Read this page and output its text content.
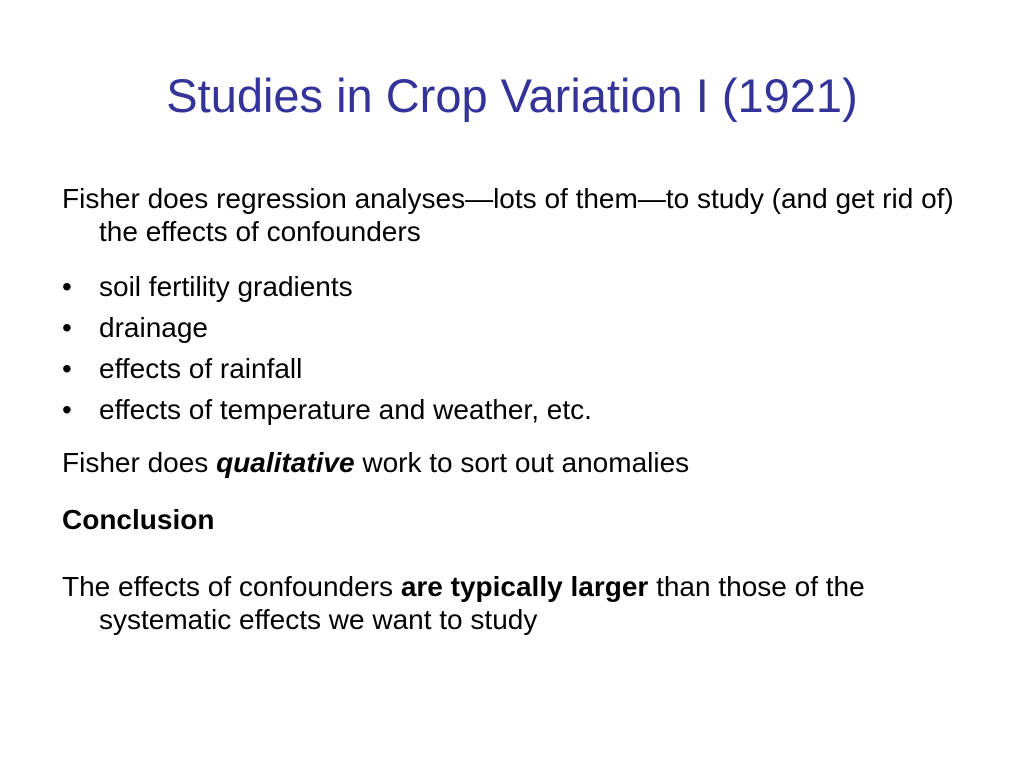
Studies in Crop Variation I (1921)

Fisher does regression analyses—lots of them—to study (and get rid of) the effects of confounders

• soil fertility gradients
• drainage
• effects of rainfall
• effects of temperature and weather, etc.

Fisher does qualitative work to sort out anomalies

Conclusion

The effects of confounders are typically larger than those of the systematic effects we want to study
